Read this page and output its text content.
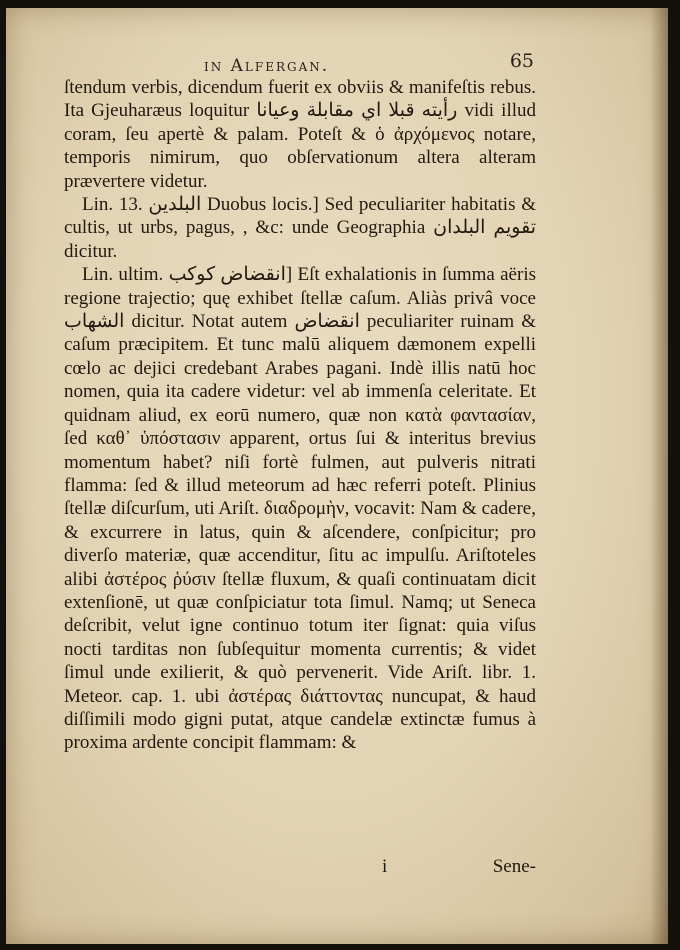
in Alfergan.	65

ſtendum verbis, dicendum fuerit ex obviis & manifeſtis rebus. Ita Gjeuharæus loquitur رأيته قبلا اي مقابلة وعيانا vidi illud coram, ſeu apertè & palam. Poteſt & ὁ ἀρχόμενος notare, temporis nimirum, quo obſervationum altera alteram prævertere videtur.

Lin. 13. البلدين Duobus locis.] Sed peculiariter habitatis & cultis, ut urbs, pagus, , &c: unde Geographia تقويم البلدان dicitur.

Lin. ultim. انقضاض كوكب] Eſt exhalationis in ſumma aëris regione trajectio; quę exhibet ſtellæ caſum. Aliàs privâ voce الشهاب dicitur. Notat autem انقضاض peculiariter ruinam & caſum præcipitem. Et tunc malū aliquem dæmonem expelli cœlo ac dejici credebant Arabes pagani. Indè illis natū hoc nomen, quia ita cadere videtur: vel ab immenſa celeritate. Et quidnam aliud, ex eorū numero, quæ non κατὰ φαντασίαν, ſed καθ᾽ ὑπόστασιν apparent, ortus ſui & interitus brevius momentum habet? niſi fortè fulmen, aut pulveris nitrati flamma: ſed & illud meteorum ad hæc referri poteſt. Plinius ſtellæ diſcurſum, uti Ariſt. διαδρομὴν, vocavit: Nam & cadere, & excurrere in latus, quin & aſcendere, conſpicitur; pro diverſo materiæ, quæ accenditur, ſitu ac impulſu. Ariſtoteles alibi ἀστέρος ῥύσιν ſtellæ fluxum, & quaſi continuatam dicit extenſionē, ut quæ conſpiciatur tota ſimul. Namq; ut Seneca deſcribit, velut igne continuo totum iter ſignat: quia viſus nocti tarditas non ſubſequitur momenta currentis; & videt ſimul unde exilierit, & quò pervenerit. Vide Ariſt. libr. 1. Meteor. cap. 1. ubi ἀστέρας διάττοντας nuncupat, & haud diſſimili modo gigni putat, atque candelæ extinctæ fumus à proxima ardente concipit flammam: &

i	Sene-
